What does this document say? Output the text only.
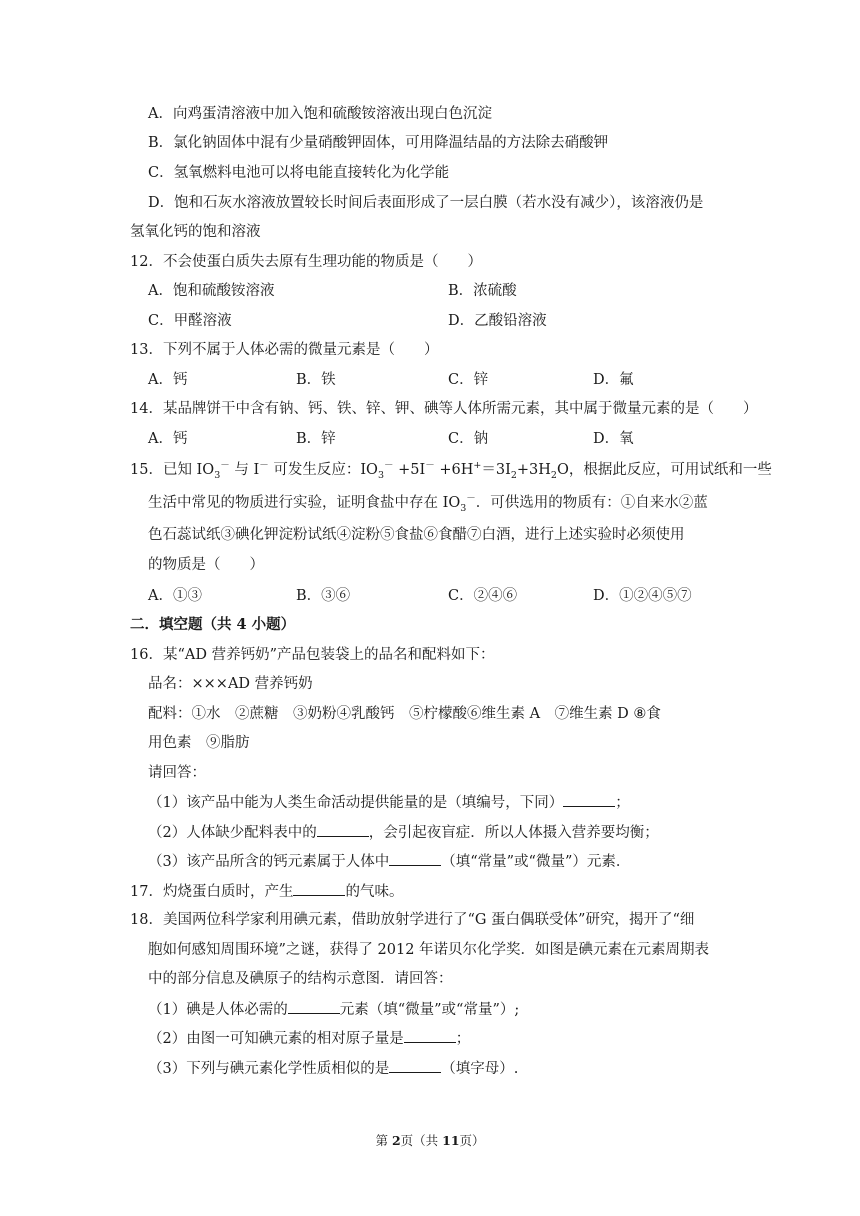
A．向鸡蛋清溶液中加入饱和硫酸铵溶液出现白色沉淀
B．氯化钠固体中混有少量硝酸钾固体，可用降温结晶的方法除去硝酸钾
C．氢氧燃料电池可以将电能直接转化为化学能
D．饱和石灰水溶液放置较长时间后表面形成了一层白膜（若水没有减少），该溶液仍是
氢氧化钙的饱和溶液
12．不会使蛋白质失去原有生理功能的物质是（　　）
A．饱和硫酸铵溶液	B．浓硫酸
C．甲醛溶液	D．乙酸铅溶液
13．下列不属于人体必需的微量元素是（　　）
A．钙	B．铁	C．锌	D．氟
14．某品牌饼干中含有钠、钙、铁、锌、钾、碘等人体所需元素，其中属于微量元素的是（　　）
A．钙	B．锌	C．钠	D．氧
15．已知 $IO_3^-$ 与 I－ 可发生反应：$IO_3^- +5I^- +6H^+=3I_2+3H_2O$，根据此反应，可用试纸和一些
生活中常见的物质进行实验，证明食盐中存在 $IO_3^-$．可供选用的物质有：①自来水②蓝
色石蕊试纸③碘化钾淀粉试纸④淀粉⑤食盐⑥食醋⑦白酒，进行上述实验时必须使用
的物质是（　　）
A．①③	B．③⑥	C．②④⑥	D．①②④⑤⑦
二．填空题（共 4 小题）
16．某“AD 营养钙奶”产品包装袋上的品名和配料如下：
品名：×××AD 营养钙奶
配料：①水　②蔗糖　③奶粉④乳酸钙　⑤柠檬酸⑥维生素 A　⑦维生素 D ⑧食
用色素　⑨脂肪
请回答：
（1）该产品中能为人类生命活动提供能量的是（填编号，下同）	；
（2）人体缺少配料表中的	，会引起夜盲症．所以人体摄入营养要均衡；
（3）该产品所含的钙元素属于人体中	（填“常量”或“微量”）元素．
17．灼烧蛋白质时，产生	的气味。
18．美国两位科学家利用碘元素，借助放射学进行了“G 蛋白偶联受体”研究，揭开了“细
胞如何感知周围环境”之谜，获得了 2012 年诺贝尔化学奖．如图是碘元素在元素周期表
中的部分信息及碘原子的结构示意图．请回答：
（1）碘是人体必需的	元素（填“微量”或“常量”）;
（2）由图一可知碘元素的相对原子量是	；
（3）下列与碘元素化学性质相似的是	（填字母）.
第 2页（共 11页）
